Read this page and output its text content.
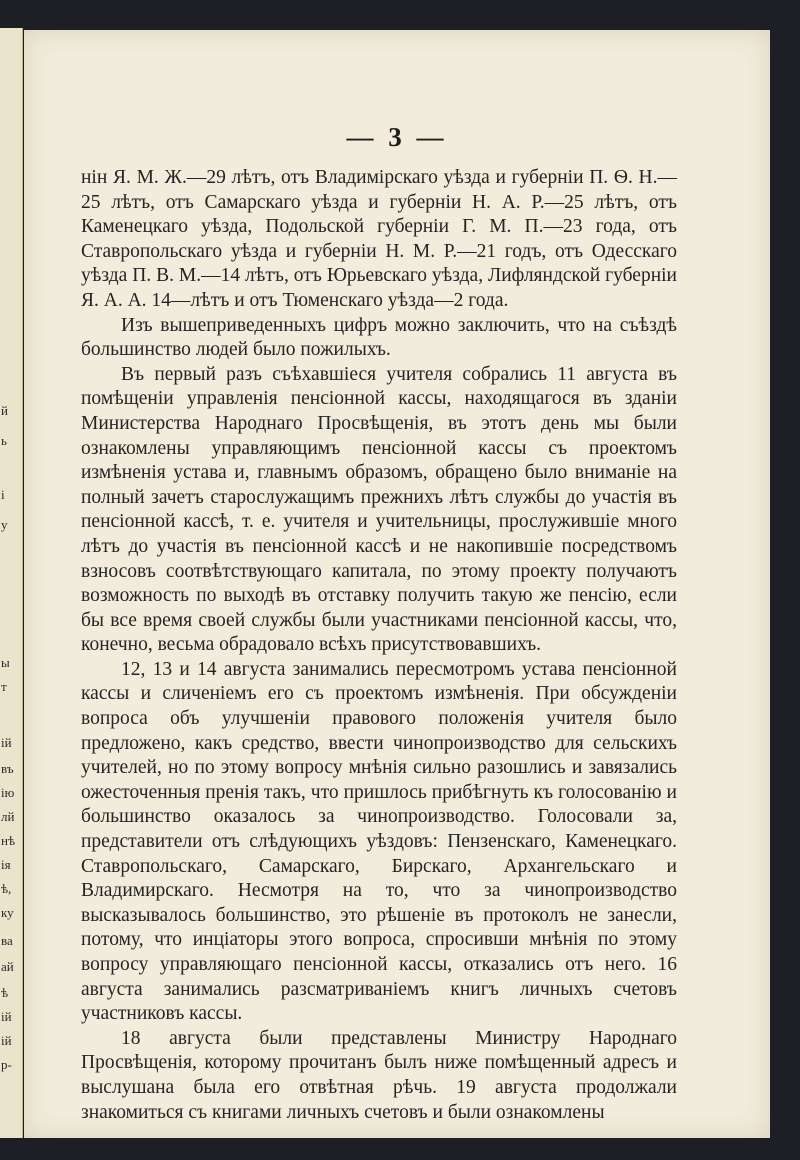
й
ь
і
у
ы
т
ій
въ
ію
лй
нѣ
ія
ѣ,
ку
ва
ай
ѣ
ій
ій
р-
— 3 —

нін Я. М. Ж.—29 лѣтъ, отъ Владимірскаго уѣзда и губерніи П. Ѳ. Н.—25 лѣтъ, отъ Самарскаго уѣзда и губерніи Н. А. Р.—25 лѣтъ, отъ Каменецкаго уѣзда, Подольской губерніи Г. М. П.—23 года, отъ Ставропольскаго уѣзда и губерніи Н. М. Р.—21 годъ, отъ Одесскаго уѣзда П. В. М.—14 лѣтъ, отъ Юрьевскаго уѣзда, Лифляндской губерніи Я. А. А. 14—лѣтъ и отъ Тюменскаго уѣзда—2 года.

Изъ вышеприведенныхъ цифръ можно заключить, что на съѣздѣ большинство людей было пожилыхъ.

Въ первый разъ съѣхавшіеся учителя собрались 11 августа въ помѣщеніи управленія пенсіонной кассы, находящагося въ зданіи Министерства Народнаго Просвѣщенія, въ этотъ день мы были ознакомлены управляющимъ пенсіонной кассы съ проектомъ измѣненія устава и, главнымъ образомъ, обращено было вниманіе на полный зачетъ старослужащимъ прежнихъ лѣтъ службы до участія въ пенсіонной кассѣ, т. е. учителя и учительницы, прослужившіе много лѣтъ до участія въ пенсіонной кассѣ и не накопившіе посредствомъ взносовъ соотвѣтствующаго капитала, по этому проекту получаютъ возможность по выходѣ въ отставку получить такую же пенсію, если бы все время своей службы были участниками пенсіонной кассы, что, конечно, весьма обрадовало всѣхъ присутствовавшихъ.

12, 13 и 14 августа занимались пересмотромъ устава пенсіонной кассы и сличеніемъ его съ проектомъ измѣненія. При обсужденіи вопроса объ улучшеніи правового положенія учителя было предложено, какъ средство, ввести чинопроизводство для сельскихъ учителей, но по этому вопросу мнѣнія сильно разошлись и завязались ожесточенныя пренія такъ, что пришлось прибѣгнуть къ голосованію и большинство оказалось за чинопроизводство. Голосовали за, представители отъ слѣдующихъ уѣздовъ: Пензенскаго, Каменецкаго. Ставропольскаго, Самарскаго, Бирскаго, Архангельскаго и Владимирскаго. Несмотря на то, что за чинопроизводство высказывалось большинство, это рѣшеніе въ протоколъ не занесли, потому, что инціаторы этого вопроса, спросивши мнѣнія по этому вопросу управляющаго пенсіонной кассы, отказались отъ него. 16 августа занимались разсматриваніемъ книгъ личныхъ счетовъ участниковъ кассы.

18 августа были представлены Министру Народнаго Просвѣщенія, которому прочитанъ былъ ниже помѣщенный адресъ и выслушана была его отвѣтная рѣчь. 19 августа продолжали знакомиться съ книгами личныхъ счетовъ и были ознакомлены
